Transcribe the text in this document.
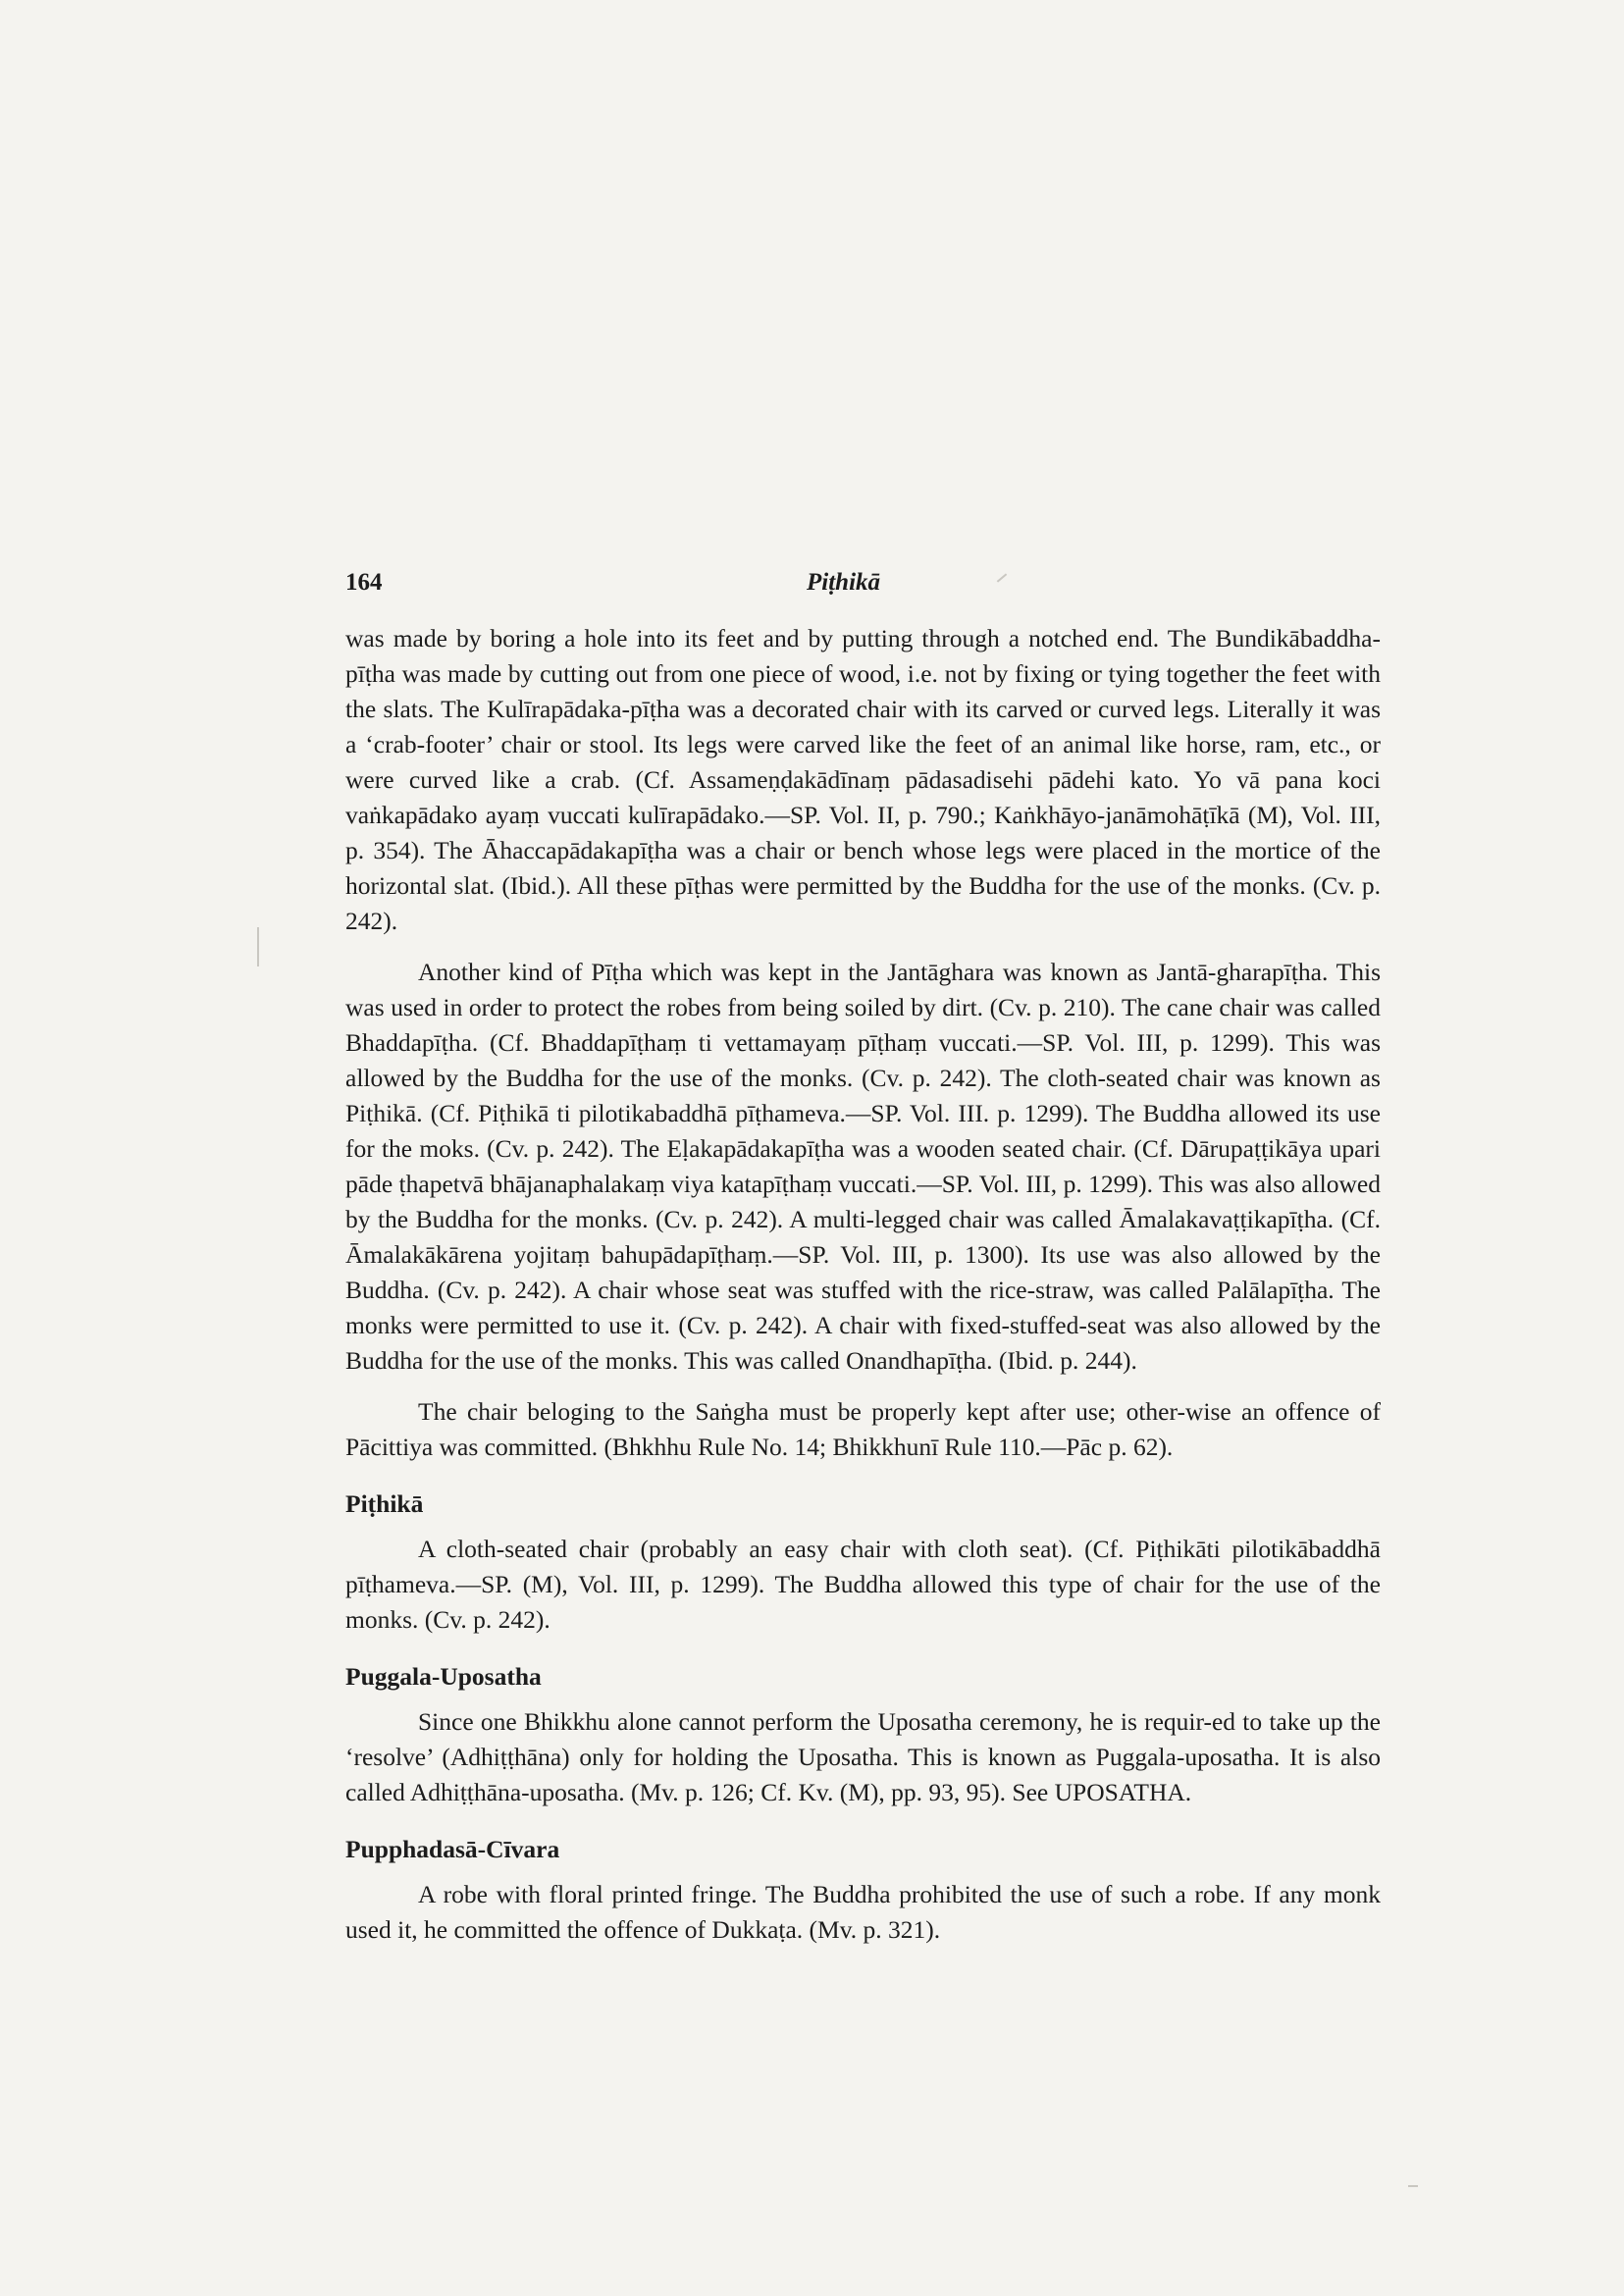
164	Piṭhikā

was made by boring a hole into its feet and by putting through a notched end. The Bundikābaddha-pīṭha was made by cutting out from one piece of wood, i.e. not by fixing or tying together the feet with the slats. The Kulīrapādaka-pīṭha was a decorated chair with its carved or curved legs. Literally it was a ‘crab-footer’ chair or stool. Its legs were carved like the feet of an animal like horse, ram, etc., or were curved like a crab. (Cf. Assameṇḍakādīnaṃ pādasadisehi pādehi kato. Yo vā pana koci vaṅkapādako ayaṃ vuccati kulīrapādako.—SP. Vol. II, p. 790.; Kaṅkhāyo-janāmohāṭīkā (M), Vol. III, p. 354). The Āhaccapādakapīṭha was a chair or bench whose legs were placed in the mortice of the horizontal slat. (Ibid.). All these pīṭhas were permitted by the Buddha for the use of the monks. (Cv. p. 242).

Another kind of Pīṭha which was kept in the Jantāghara was known as Jantā-gharapīṭha. This was used in order to protect the robes from being soiled by dirt. (Cv. p. 210). The cane chair was called Bhaddapīṭha. (Cf. Bhaddapīṭhaṃ ti vettamayaṃ pīṭhaṃ vuccati.—SP. Vol. III, p. 1299). This was allowed by the Buddha for the use of the monks. (Cv. p. 242). The cloth-seated chair was known as Piṭhikā. (Cf. Piṭhikā ti pilotikabaddhā pīṭhameva.—SP. Vol. III. p. 1299). The Buddha allowed its use for the moks. (Cv. p. 242). The Eḷakapādakapīṭha was a wooden seated chair. (Cf. Dārupaṭṭikāya upari pāde ṭhapetvā bhājanaphalakaṃ viya katapīṭhaṃ vuccati.—SP. Vol. III, p. 1299). This was also allowed by the Buddha for the monks. (Cv. p. 242). A multi-legged chair was called Āmalakavaṭṭikapīṭha. (Cf. Āmalakākārena yojitaṃ bahupādapīṭhaṃ.—SP. Vol. III, p. 1300). Its use was also allowed by the Buddha. (Cv. p. 242). A chair whose seat was stuffed with the rice-straw, was called Palālapīṭha. The monks were permitted to use it. (Cv. p. 242). A chair with fixed-stuffed-seat was also allowed by the Buddha for the use of the monks. This was called Onandhapīṭha. (Ibid. p. 244).

The chair beloging to the Saṅgha must be properly kept after use; other-wise an offence of Pācittiya was committed. (Bhkhhu Rule No. 14; Bhikkhunī Rule 110.—Pāc p. 62).

Piṭhikā

A cloth-seated chair (probably an easy chair with cloth seat). (Cf. Piṭhikāti pilotikābaddhā pīṭhameva.—SP. (M), Vol. III, p. 1299). The Buddha allowed this type of chair for the use of the monks. (Cv. p. 242).

Puggala-Uposatha

Since one Bhikkhu alone cannot perform the Uposatha ceremony, he is requir-ed to take up the ‘resolve’ (Adhiṭṭhāna) only for holding the Uposatha. This is known as Puggala-uposatha. It is also called Adhiṭṭhāna-uposatha. (Mv. p. 126; Cf. Kv. (M), pp. 93, 95). See UPOSATHA.

Pupphadasā-Cīvara

A robe with floral printed fringe. The Buddha prohibited the use of such a robe. If any monk used it, he committed the offence of Dukkaṭa. (Mv. p. 321).
